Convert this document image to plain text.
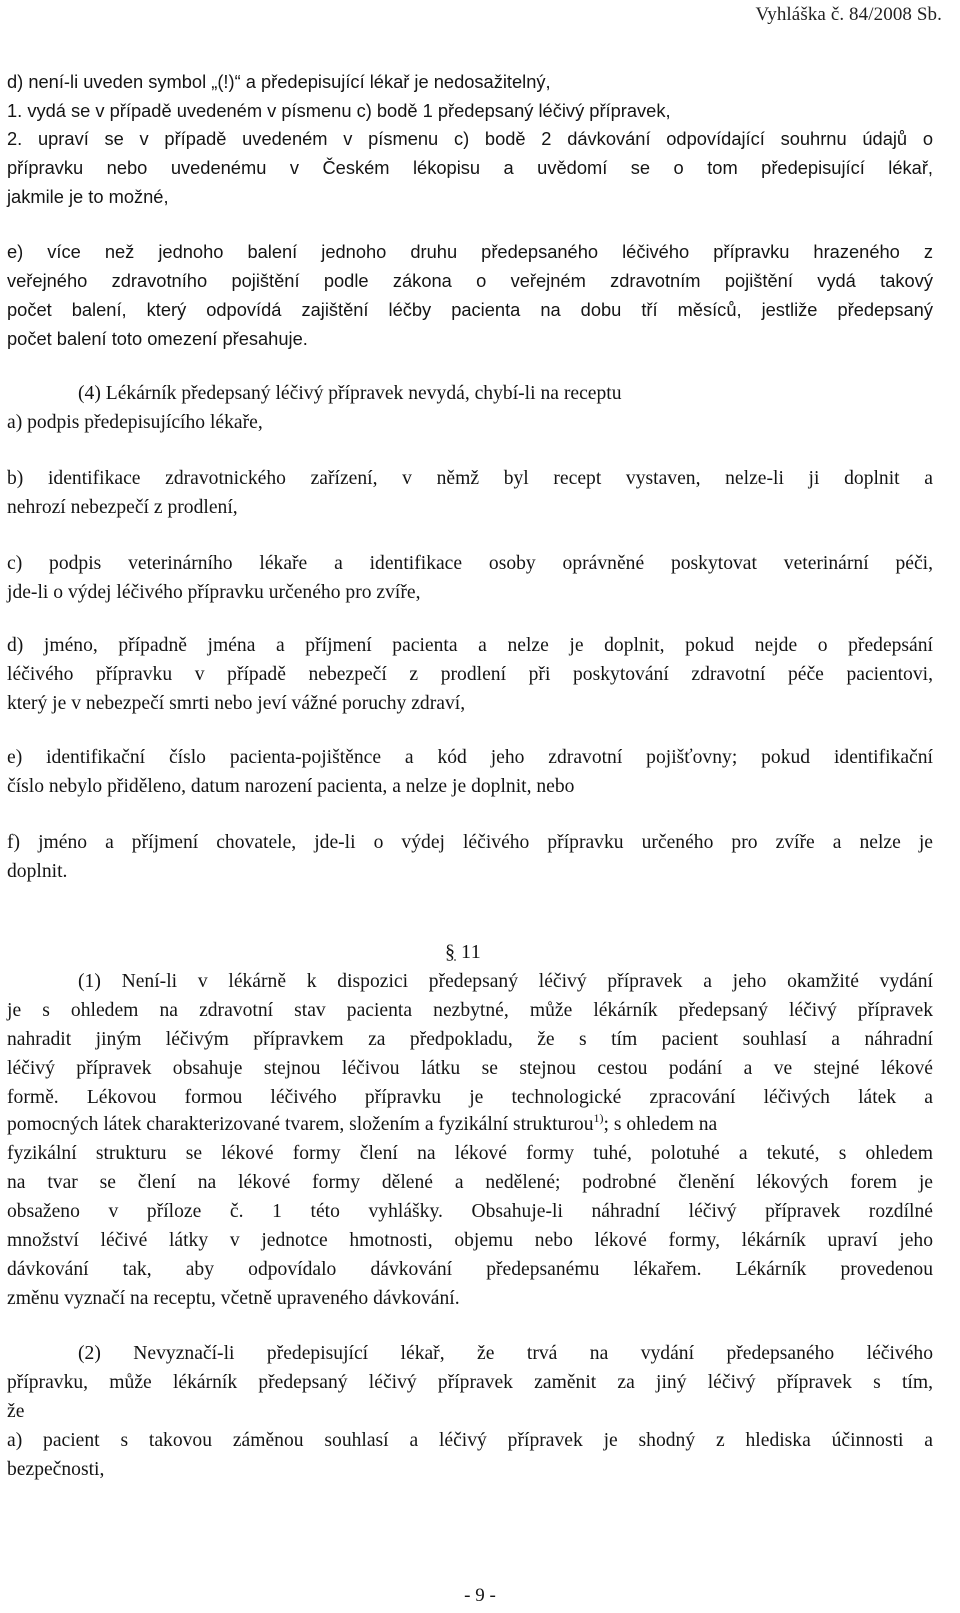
Vyhláška č. 84/2008 Sb.
d) není-li uveden symbol „(!)“ a předepisující lékař je nedosažitelný,
1. vydá se v případě uvedeném v písmenu c) bodě 1 předepsaný léčivý přípravek,
2. upraví se v případě uvedeném v písmenu c) bodě 2 dávkování odpovídající souhrnu údajů o
přípravku nebo uvedenému v Českém lékopisu a uvědomí se o tom předepisující lékař,
jakmile je to možné,
e) více než jednoho balení jednoho druhu předepsaného léčivého přípravku hrazeného z
veřejného zdravotního pojištění podle zákona o veřejném zdravotním pojištění vydá takový
počet balení, který odpovídá zajištění léčby pacienta na dobu tří měsíců, jestliže předepsaný
počet balení toto omezení přesahuje.
(4) Lékárník předepsaný léčivý přípravek nevydá, chybí-li na receptu
a) podpis předepisujícího lékaře,
b) identifikace zdravotnického zařízení, v němž byl recept vystaven, nelze-li ji doplnit a
nehrozí nebezpečí z prodlení,
c) podpis veterinárního lékaře a identifikace osoby oprávněné poskytovat veterinární péči,
jde-li o výdej léčivého přípravku určeného pro zvíře,
d) jméno, případně jména a příjmení pacienta a nelze je doplnit, pokud nejde o předepsání
léčivého přípravku v případě nebezpečí z prodlení při poskytování zdravotní péče pacientovi,
který je v nebezpečí smrti nebo jeví vážné poruchy zdraví,
e) identifikační číslo pacienta-pojištěnce a kód jeho zdravotní pojišťovny; pokud identifikační
číslo nebylo přiděleno, datum narození pacienta, a nelze je doplnit, nebo
f) jméno a příjmení chovatele, jde-li o výdej léčivého přípravku určeného pro zvíře a nelze je
doplnit.
§ 11
(1) Není-li v lékárně k dispozici předepsaný léčivý přípravek a jeho okamžité vydání
je s ohledem na zdravotní stav pacienta nezbytné, může lékárník předepsaný léčivý přípravek
nahradit jiným léčivým přípravkem za předpokladu, že s tím pacient souhlasí a náhradní
léčivý přípravek obsahuje stejnou léčivou látku se stejnou cestou podání a ve stejné lékové
formě. Lékovou formou léčivého přípravku je technologické zpracování léčivých látek a
pomocných látek charakterizované tvarem, složením a fyzikální strukturou$^{1)}$; s ohledem na
fyzikální strukturu se lékové formy člení na lékové formy tuhé, polotuhé a tekuté, s ohledem
na tvar se člení na lékové formy dělené a nedělené; podrobné členění lékových forem je
obsaženo v příloze č. 1 této vyhlášky. Obsahuje-li náhradní léčivý přípravek rozdílné
množství léčivé látky v jednotce hmotnosti, objemu nebo lékové formy, lékárník upraví jeho
dávkování tak, aby odpovídalo dávkování předepsanému lékařem. Lékárník provedenou
změnu vyznačí na receptu, včetně upraveného dávkování.
(2) Nevyznačí-li předepisující lékař, že trvá na vydání předepsaného léčivého
přípravku, může lékárník předepsaný léčivý přípravek zaměnit za jiný léčivý přípravek s tím,
že
a) pacient s takovou záměnou souhlasí a léčivý přípravek je shodný z hlediska účinnosti a
bezpečnosti,
- 9 -
